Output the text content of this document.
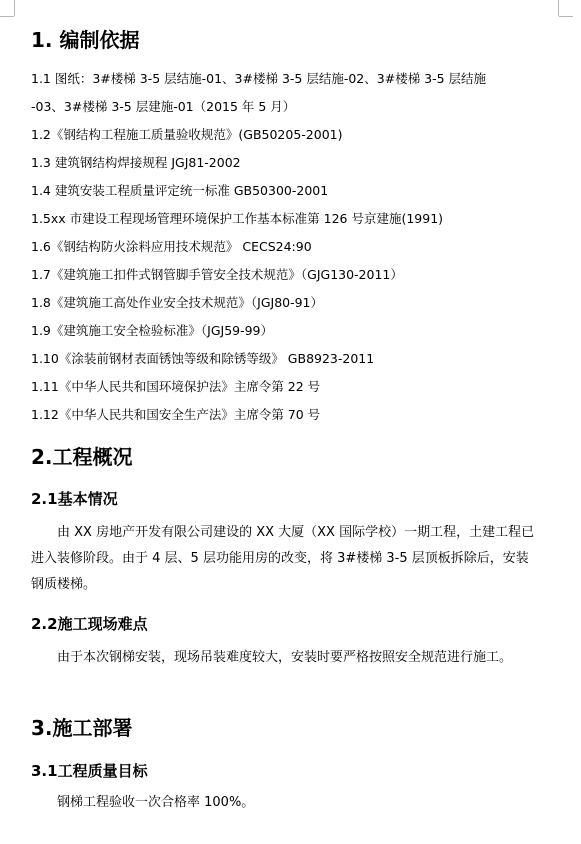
1. 编制依据
1.1 图纸：3#楼梯 3-5 层结施-01、3#楼梯 3-5 层结施-02、3#楼梯 3-5 层结施
-03、3#楼梯 3-5 层建施-01（2015 年 5 月）
1.2《钢结构工程施工质量验收规范》(GB50205-2001)
1.3 建筑钢结构焊接规程 JGJ81-2002
1.4 建筑安装工程质量评定统一标准 GB50300-2001
1.5xx 市建设工程现场管理环境保护工作基本标准第 126 号京建施(1991)
1.6《钢结构防火涂料应用技术规范》 CECS24:90
1.7《建筑施工扣件式钢管脚手管安全技术规范》（GJG130-2011）
1.8《建筑施工高处作业安全技术规范》（JGJ80-91）
1.9《建筑施工安全检验标准》（JGJ59-99）
1.10《涂装前钢材表面锈蚀等级和除锈等级》 GB8923-2011
1.11《中华人民共和国环境保护法》主席令第 22 号
1.12《中华人民共和国安全生产法》主席令第 70 号
2.工程概况
2.1基本情况
由 XX 房地产开发有限公司建设的 XX 大厦（XX 国际学校）一期工程，土建工程已进入装修阶段。由于 4 层、5 层功能用房的改变，将 3#楼梯 3-5 层顶板拆除后，安装钢质楼梯。
2.2施工现场难点
由于本次钢梯安装，现场吊装难度较大，安装时要严格按照安全规范进行施工。
3.施工部署
3.1工程质量目标
钢梯工程验收一次合格率 100%。
